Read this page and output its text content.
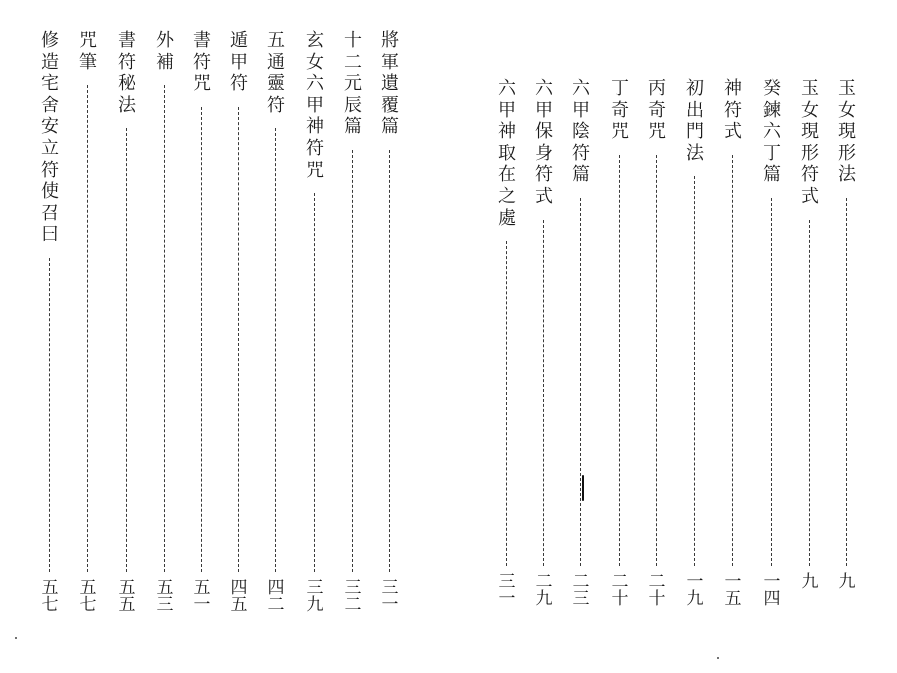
將
軍
遺
覆
篇
三
一
十
二
元
辰
篇
三
二
玄
女
六
甲
神
符
咒
三
九
五
通
靈
符
四
二
遁
甲
符
四
五
書
符
咒
五
一
外
補
五
三
書
符
秘
法
五
五
咒
筆
五
七
修
造
宅
舍
安
立
符
使
召
曰
五
七
玉
女
現
形
法
九
玉
女
現
形
符
式
九
癸
鍊
六
丁
篇
一
四
神
符
式
一
五
初
出
門
法
一
九
丙
奇
咒
二
十
丁
奇
咒
二
十
六
甲
陰
符
篇
二
三
六
甲
保
身
符
式
二
九
六
甲
神
取
在
之
處
三
一
